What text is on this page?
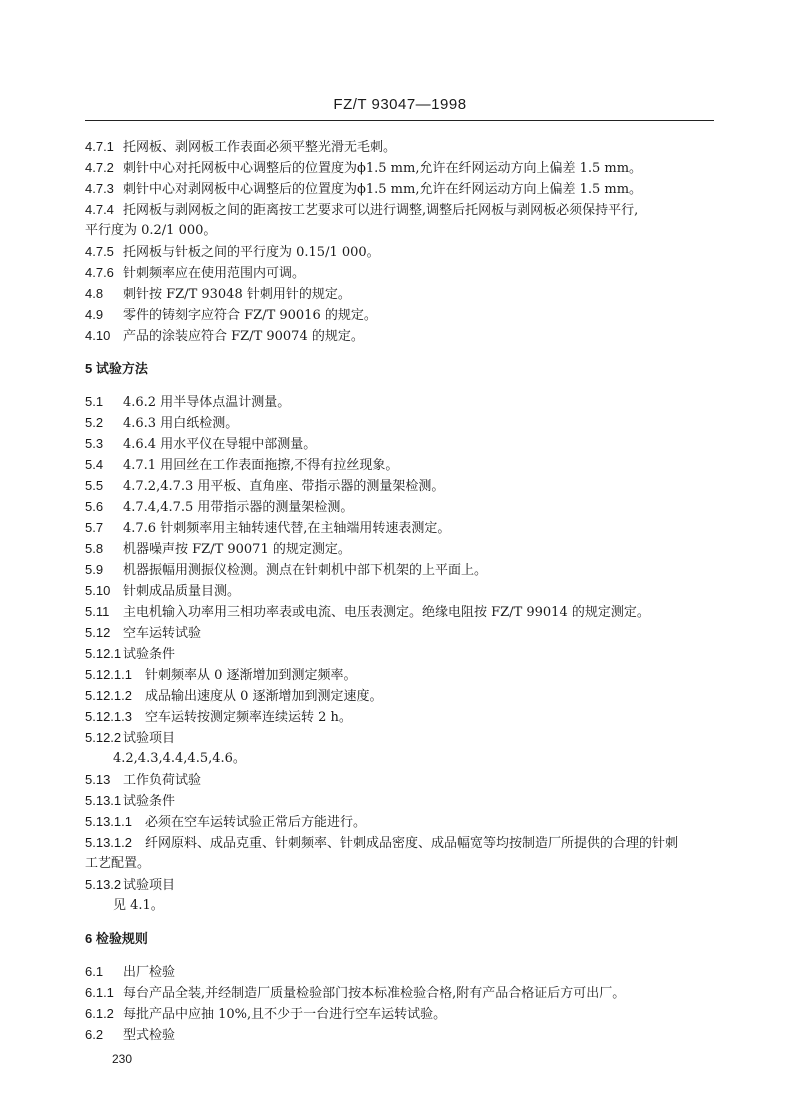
FZ/T 93047—1998
4.7.1 托网板、剥网板工作表面必须平整光滑无毛刺。
4.7.2 刺针中心对托网板中心调整后的位置度为ϕ1.5 mm,允许在纤网运动方向上偏差 1.5 mm。
4.7.3 刺针中心对剥网板中心调整后的位置度为ϕ1.5 mm,允许在纤网运动方向上偏差 1.5 mm。
4.7.4 托网板与剥网板之间的距离按工艺要求可以进行调整,调整后托网板与剥网板必须保持平行,
平行度为 0.2/1 000。
4.7.5 托网板与针板之间的平行度为 0.15/1 000。
4.7.6 针刺频率应在使用范围内可调。
4.8 刺针按 FZ/T 93048 针刺用针的规定。
4.9 零件的铸刻字应符合 FZ/T 90016 的规定。
4.10 产品的涂装应符合 FZ/T 90074 的规定。
5 试验方法
5.1 4.6.2 用半导体点温计测量。
5.2 4.6.3 用白纸检测。
5.3 4.6.4 用水平仪在导辊中部测量。
5.4 4.7.1 用回丝在工作表面拖擦,不得有拉丝现象。
5.5 4.7.2,4.7.3 用平板、直角座、带指示器的测量架检测。
5.6 4.7.4,4.7.5 用带指示器的测量架检测。
5.7 4.7.6 针刺频率用主轴转速代替,在主轴端用转速表测定。
5.8 机器噪声按 FZ/T 90071 的规定测定。
5.9 机器振幅用测振仪检测。测点在针刺机中部下机架的上平面上。
5.10 针刺成品质量目测。
5.11 主电机输入功率用三相功率表或电流、电压表测定。绝缘电阻按 FZ/T 99014 的规定测定。
5.12 空车运转试验
5.12.1 试验条件
5.12.1.1 针刺频率从 0 逐渐增加到测定频率。
5.12.1.2 成品输出速度从 0 逐渐增加到测定速度。
5.12.1.3 空车运转按测定频率连续运转 2 h。
5.12.2 试验项目
4.2,4.3,4.4,4.5,4.6。
5.13 工作负荷试验
5.13.1 试验条件
5.13.1.1 必须在空车运转试验正常后方能进行。
5.13.1.2 纤网原料、成品克重、针刺频率、针刺成品密度、成品幅宽等均按制造厂所提供的合理的针刺
工艺配置。
5.13.2 试验项目
见 4.1。
6 检验规则
6.1 出厂检验
6.1.1 每台产品全装,并经制造厂质量检验部门按本标准检验合格,附有产品合格证后方可出厂。
6.1.2 每批产品中应抽 10%,且不少于一台进行空车运转试验。
6.2 型式检验
230
